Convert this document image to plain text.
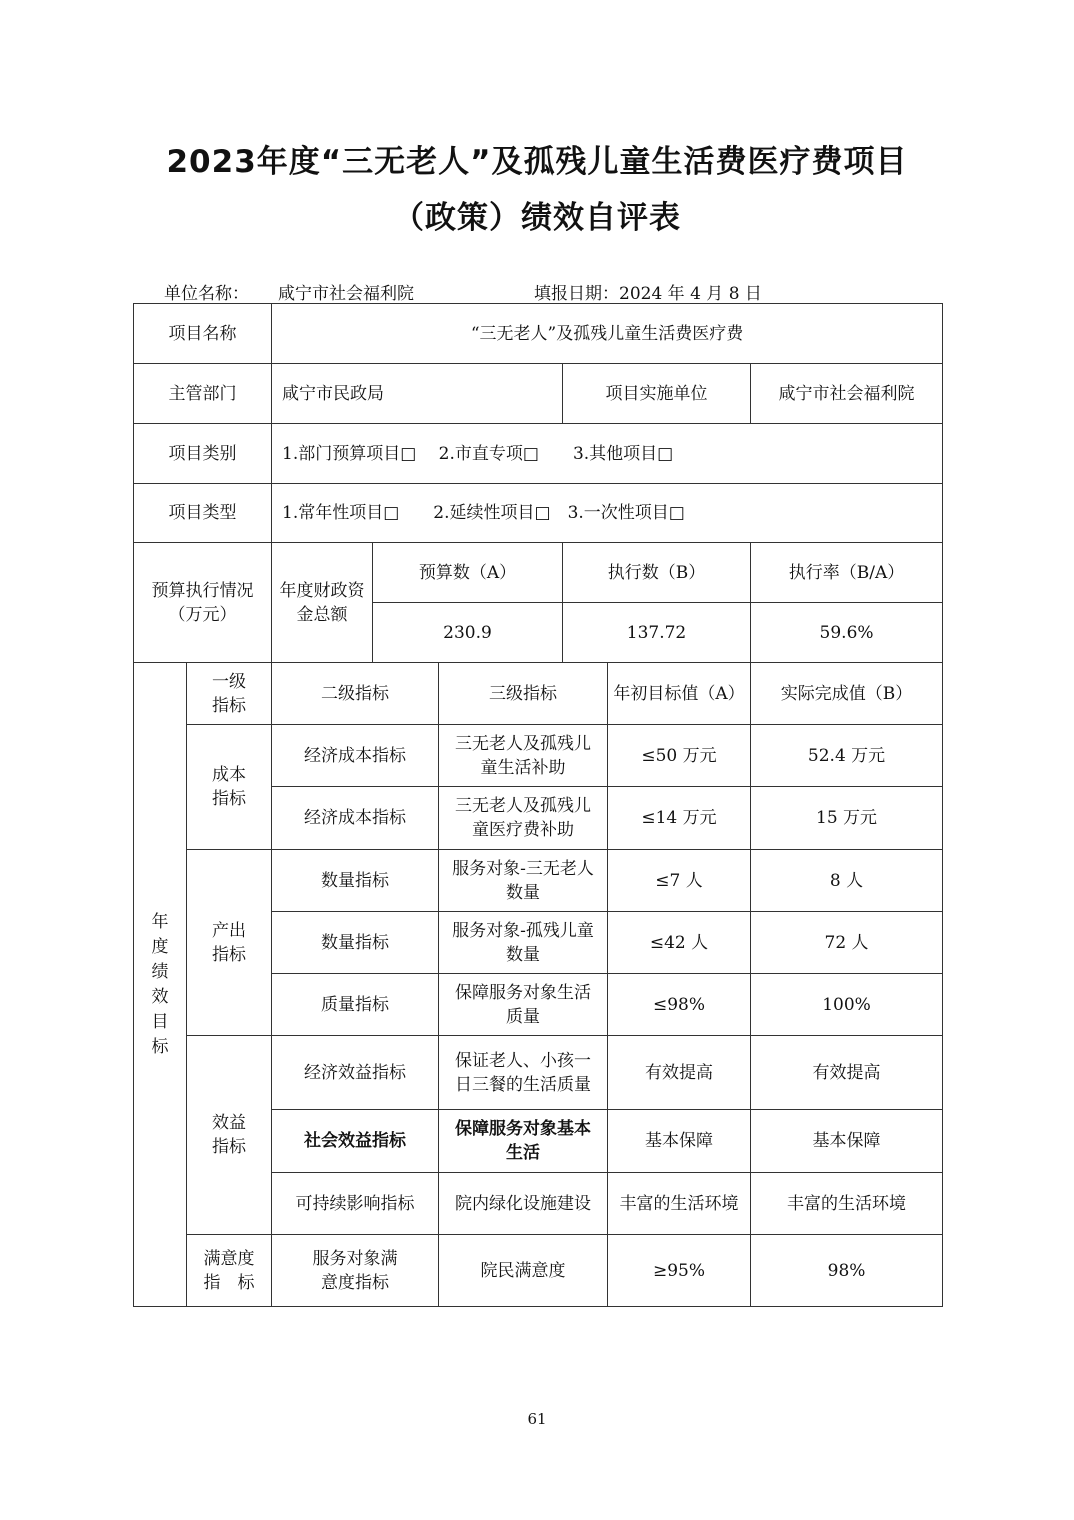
2023年度“三无老人”及孤残儿童生活费医疗费项目
（政策）绩效自评表
单位名称： 咸宁市社会福利院	填报日期：2024 年 4 月 8 日
项目名称		“三无老人”及孤残儿童生活费医疗费					
主管部门		咸宁市民政局			项目实施单位		咸宁市社会福利院
项目类别		1.部门预算项目□　 2.市直专项□　　3.其他项目□					
项目类型		1.常年性项目□　　2.延续性项目□　3.一次性项目□					
预算执行情况（万元）		年度财政资金总额	预算数（A）		执行数（B）		执行率（B/A）
			230.9		137.72		59.6%
年度绩效目标	一级指标	二级指标		三级指标		年初目标值（A）	实际完成值（B）
	成本指标	经济成本指标		三无老人及孤残儿童生活补助		≤50 万元	52.4 万元
		经济成本指标		三无老人及孤残儿童医疗费补助		≤14 万元	15 万元
	产出指标	数量指标		服务对象-三无老人数量		≤7 人	8 人
		数量指标		服务对象-孤残儿童数量		≤42 人	72 人
		质量指标		保障服务对象生活质量		≤98%	100%
	效益指标	经济效益指标		保证老人、小孩一日三餐的生活质量		有效提高	有效提高
		社会效益指标		保障服务对象基本生活		基本保障	基本保障
		可持续影响指标		院内绿化设施建设		丰富的生活环境	丰富的生活环境
	满意度指　标	服务对象满意度指标		院民满意度		≥95%	98%
61
